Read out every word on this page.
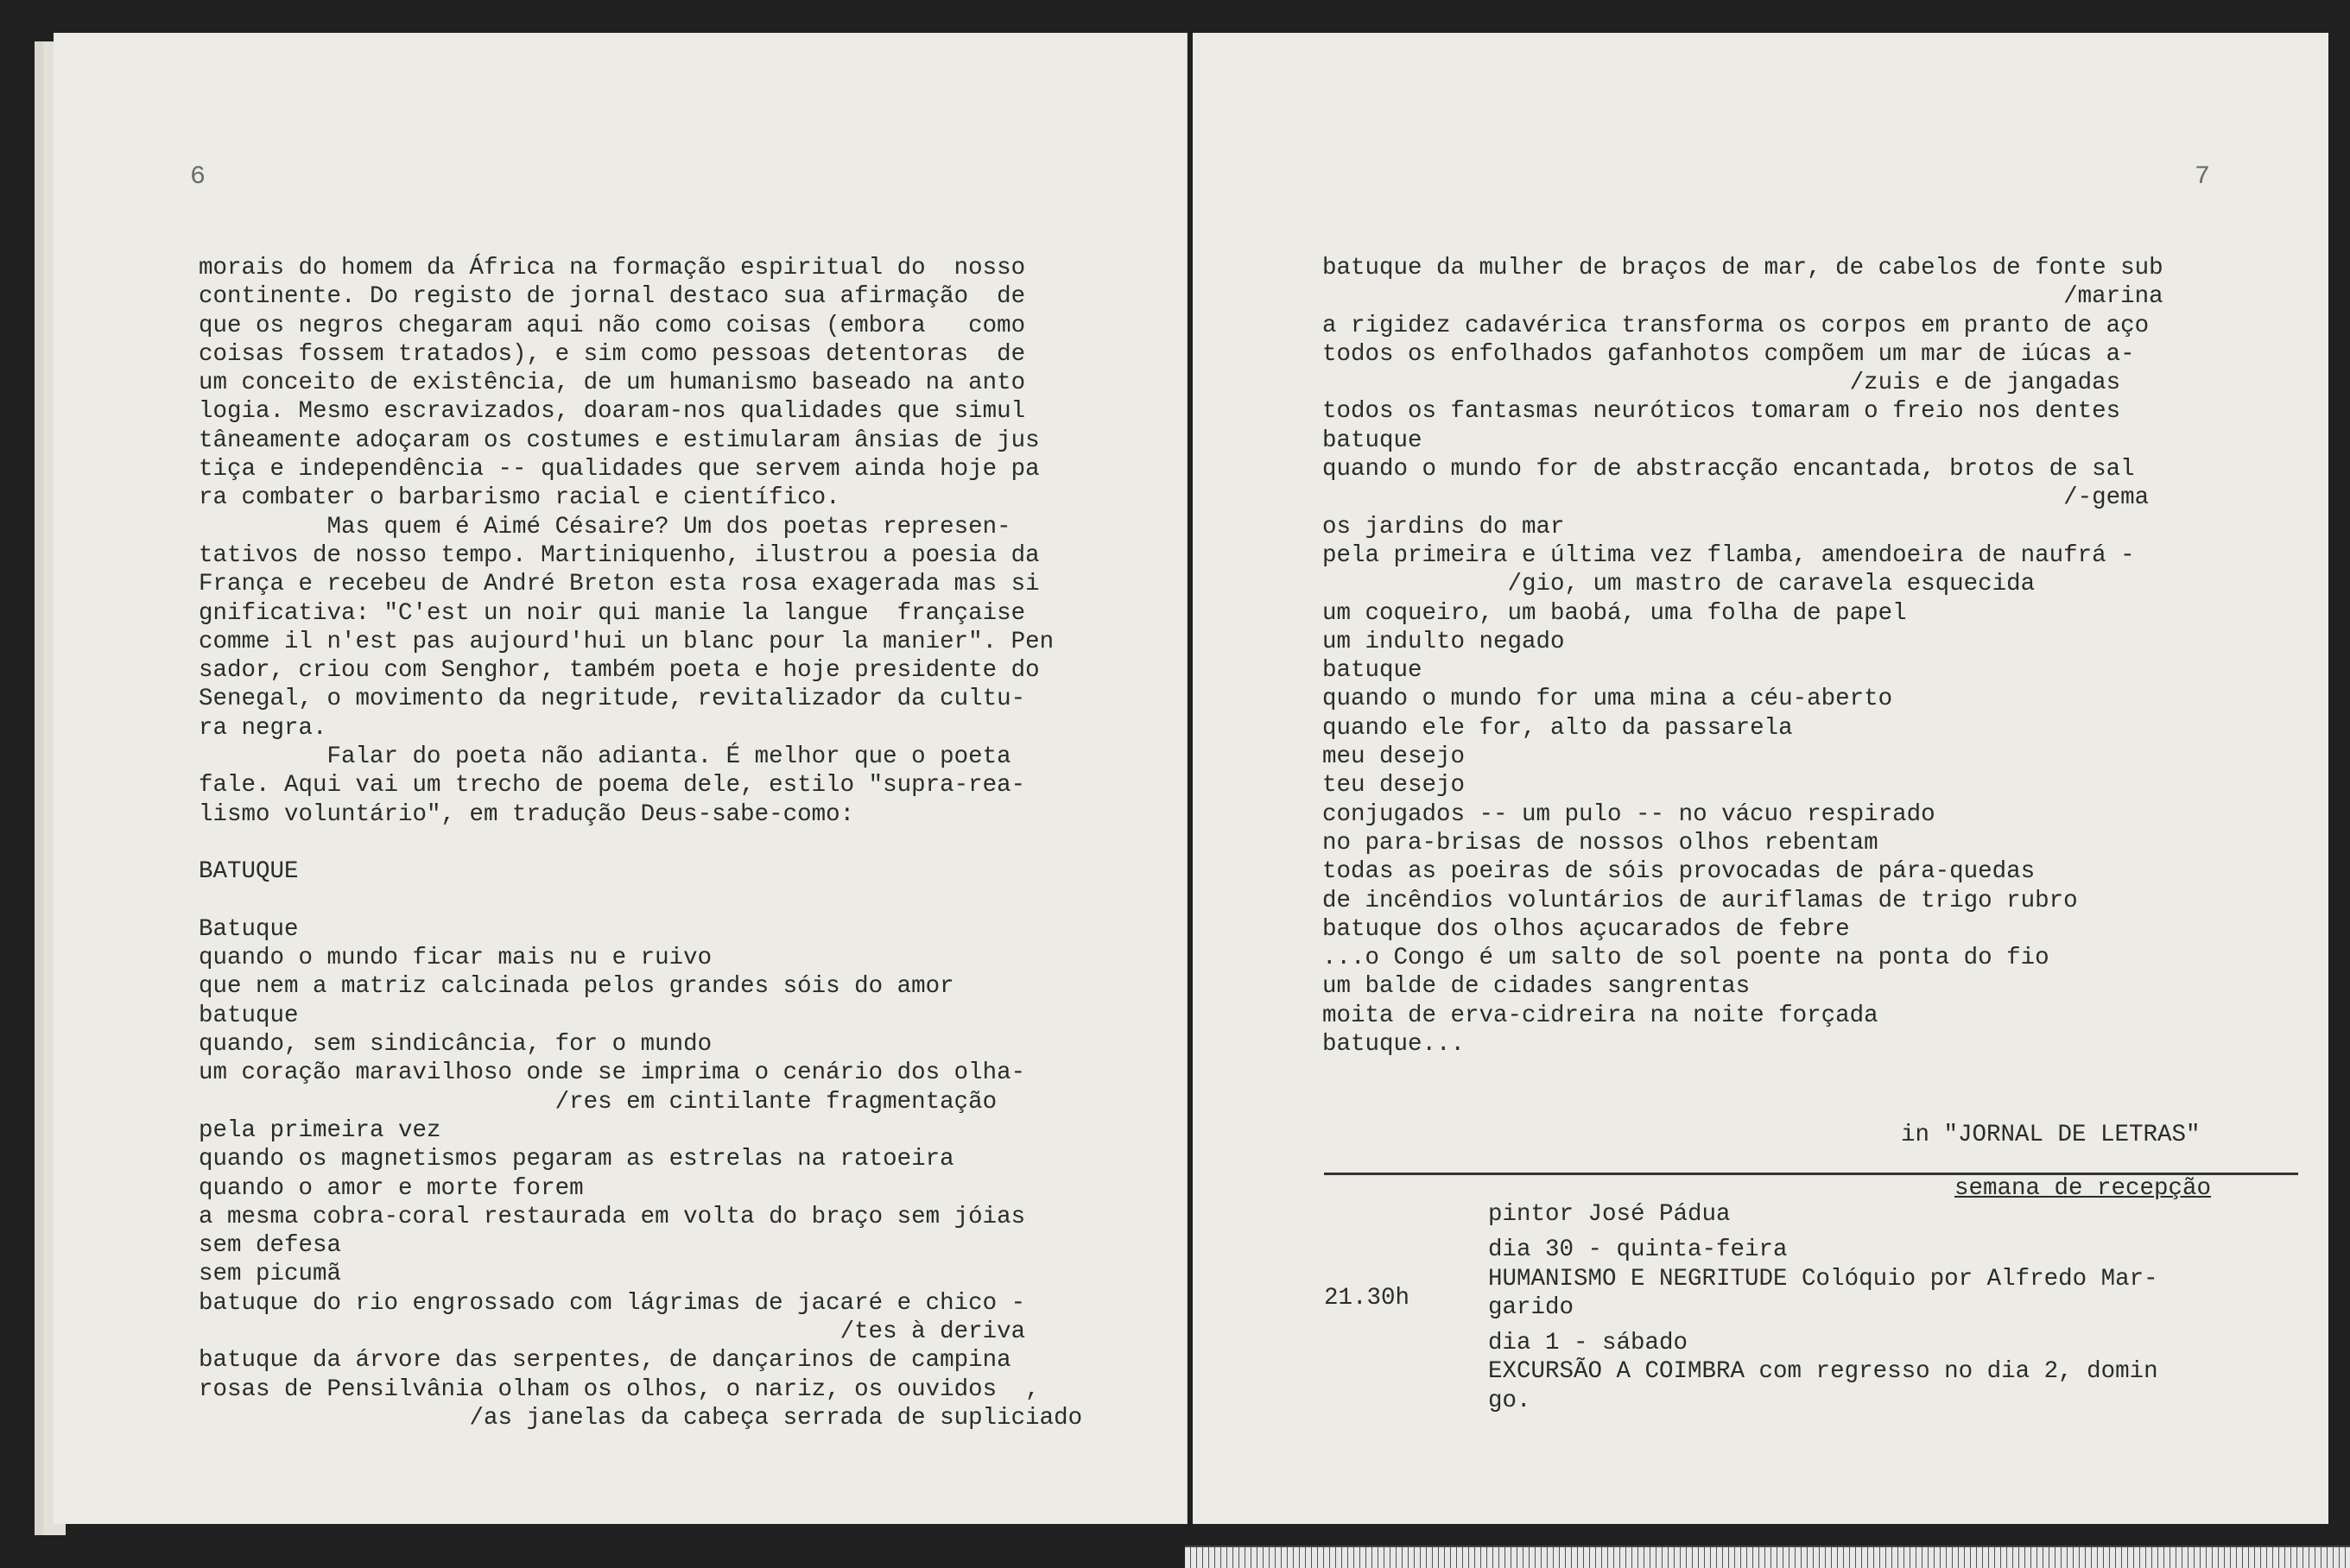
6
morais do homem da África na formação espiritual do  nosso
continente. Do registo de jornal destaco sua afirmação  de
que os negros chegaram aqui não como coisas (embora   como
coisas fossem tratados), e sim como pessoas detentoras  de
um conceito de existência, de um humanismo baseado na anto
logia. Mesmo escravizados, doaram-nos qualidades que simul
tâneamente adoçaram os costumes e estimularam ânsias de jus
tiça e independência -- qualidades que servem ainda hoje pa
ra combater o barbarismo racial e científico.
Mas quem é Aimé Césaire? Um dos poetas represen-
tativos de nosso tempo. Martiniquenho, ilustrou a poesia da
França e recebeu de André Breton esta rosa exagerada mas si
gnificativa: "C'est un noir qui manie la langue  française
comme il n'est pas aujourd'hui un blanc pour la manier". Pen
sador, criou com Senghor, também poeta e hoje presidente do
Senegal, o movimento da negritude, revitalizador da cultu-
ra negra.
Falar do poeta não adianta. É melhor que o poeta
fale. Aqui vai um trecho de poema dele, estilo "supra-rea-
lismo voluntário", em tradução Deus-sabe-como:
BATUQUE
Batuque
quando o mundo ficar mais nu e ruivo
que nem a matriz calcinada pelos grandes sóis do amor
batuque
quando, sem sindicância, for o mundo
um coração maravilhoso onde se imprima o cenário dos olha-
/res em cintilante fragmentação
pela primeira vez
quando os magnetismos pegaram as estrelas na ratoeira
quando o amor e morte forem
a mesma cobra-coral restaurada em volta do braço sem jóias
sem defesa
sem picumã
batuque do rio engrossado com lágrimas de jacaré e chico -
/tes à deriva
batuque da árvore das serpentes, de dançarinos de campina
rosas de Pensilvânia olham os olhos, o nariz, os ouvidos  ,
/as janelas da cabeça serrada de supliciado
7
batuque da mulher de braços de mar, de cabelos de fonte sub
/marina
a rigidez cadavérica transforma os corpos em pranto de aço
todos os enfolhados gafanhotos compõem um mar de iúcas a-
/zuis e de jangadas
todos os fantasmas neuróticos tomaram o freio nos dentes
batuque
quando o mundo for de abstracção encantada, brotos de sal
/-gema
os jardins do mar
pela primeira e última vez flamba, amendoeira de naufrá -
/gio, um mastro de caravela esquecida
um coqueiro, um baobá, uma folha de papel
um indulto negado
batuque
quando o mundo for uma mina a céu-aberto
quando ele for, alto da passarela
meu desejo
teu desejo
conjugados -- um pulo -- no vácuo respirado
no para-brisas de nossos olhos rebentam
todas as poeiras de sóis provocadas de pára-quedas
de incêndios voluntários de auriflamas de trigo rubro
batuque dos olhos açucarados de febre
...o Congo é um salto de sol poente na ponta do fio
um balde de cidades sangrentas
moita de erva-cidreira na noite forçada
batuque...
in "JORNAL DE LETRAS"
semana de recepção
21.30h
pintor José Pádua
dia 30 - quinta-feira
HUMANISMO E NEGRITUDE Colóquio por Alfredo Mar-
garido
dia 1 - sábado
EXCURSÃO A COIMBRA com regresso no dia 2, domin
go.
